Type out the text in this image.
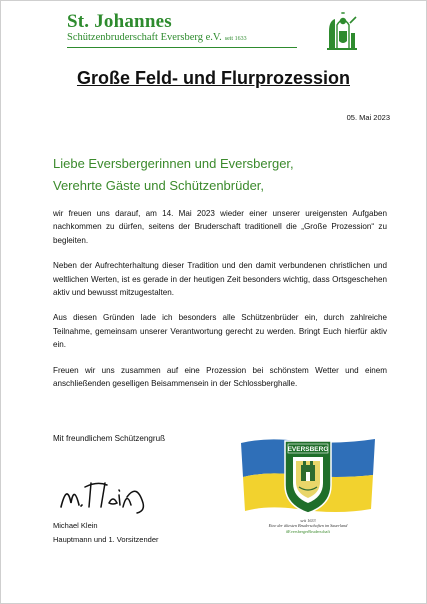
St. Johannes
Schützenbruderschaft Eversberg e.V. seit 1633
Große Feld- und Flurprozession
05. Mai 2023
Liebe Eversbergerinnen und Eversberger,
Verehrte Gäste und Schützenbrüder,

wir freuen uns darauf, am 14. Mai 2023 wieder einer unserer ureigensten Aufgaben nachkommen zu dürfen, seitens der Bruderschaft traditionell die „Große Prozession“ zu begleiten.

Neben der Aufrechterhaltung dieser Tradition und den damit verbundenen christlichen und weltlichen Werten, ist es gerade in der heutigen Zeit besonders wichtig, dass Ortsgeschehen aktiv und bewusst mitzugestalten.

Aus diesen Gründen lade ich besonders alle Schützenbrüder ein, durch zahlreiche Teilnahme, gemeinsam unserer Verantwortung gerecht zu werden. Bringt Euch hierfür aktiv ein.

Freuen wir uns zusammen auf eine Prozession bei schönstem Wetter und einem anschließenden geselligen Beisammensein in der Schlossberghalle.

Mit freundlichem Schützengruß
Michael Klein
Hauptmann und 1. Vorsitzender
EVERSBERG
seit 1633
Eine der ältesten Bruderschaften im Sauerland
#EversbergerBruderschaft
